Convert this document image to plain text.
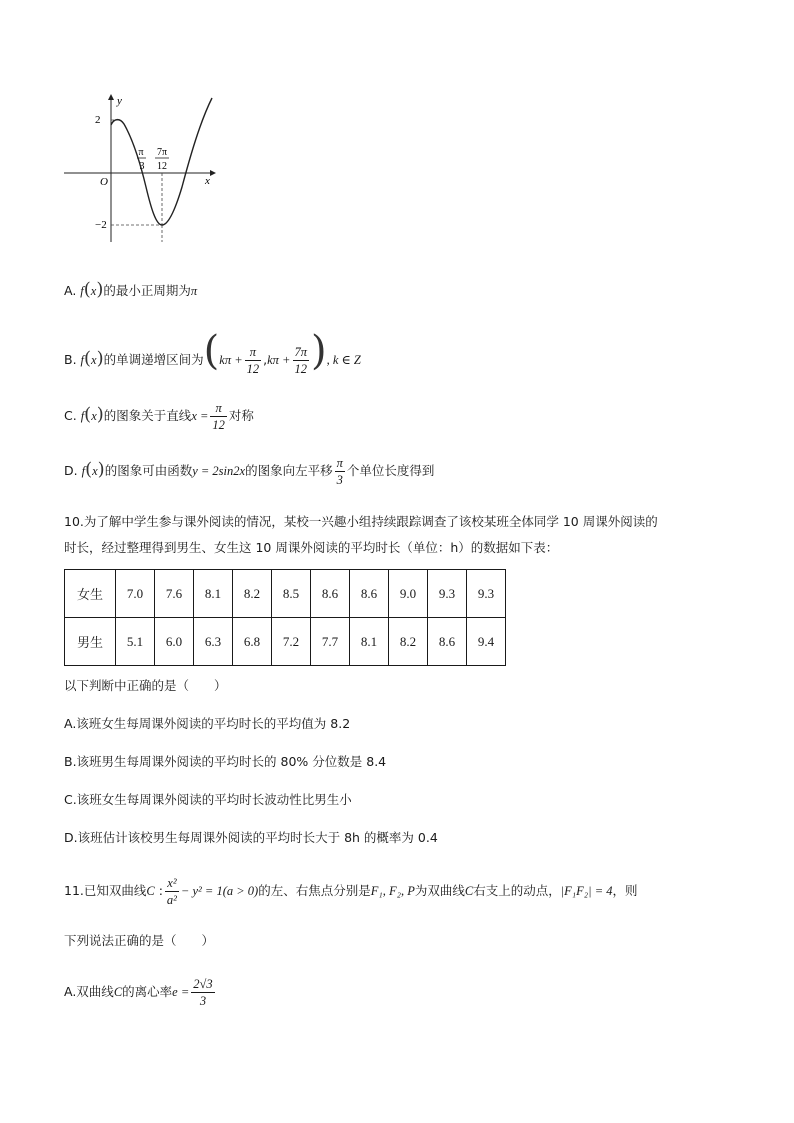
y
x
O
2
−2
π
3
7π
12
A. f(x)的最小正周期为π
B. f(x)的单调递增区间为($k\pi + \frac{\pi}{12} ,k\pi + \frac{7\pi}{12}$ ), k ∈ Z
C. f(x)的图象关于直线$x = \frac{\pi}{12}$ 对称
D. f(x)的图象可由函数y = 2sin2x的图象向左平移 $\frac{\pi}{3}$ 个单位长度得到
10.为了解中学生参与课外阅读的情况，某校一兴趣小组持续跟踪调查了该校某班全体同学 10 周课外阅读的
时长，经过整理得到男生、女生这 10 周课外阅读的平均时长（单位：h）的数据如下表：
女生	7.0	7.6	8.1	8.2	8.5	8.6	8.6	9.0	9.3	9.3
男生	5.1	6.0	6.3	6.8	7.2	7.7	8.1	8.2	8.6	9.4
以下判断中正确的是（　　）
A.该班女生每周课外阅读的平均时长的平均值为 8.2
B.该班男生每周课外阅读的平均时长的 80% 分位数是 8.4
C.该班女生每周课外阅读的平均时长波动性比男生小
D.该班估计该校男生每周课外阅读的平均时长大于 8h 的概率为 0.4
11.已知双曲线C : $\frac{\text{x²}}{\text{a²}} - y^2 = 1(a > 0)$的左、右焦点分别是F₁, F₂, P为双曲线C右支上的动点，|F₁F₂| = 4，则
下列说法正确的是（　　）
A.双曲线C的离心率$e = \frac{2√3}{3}$
